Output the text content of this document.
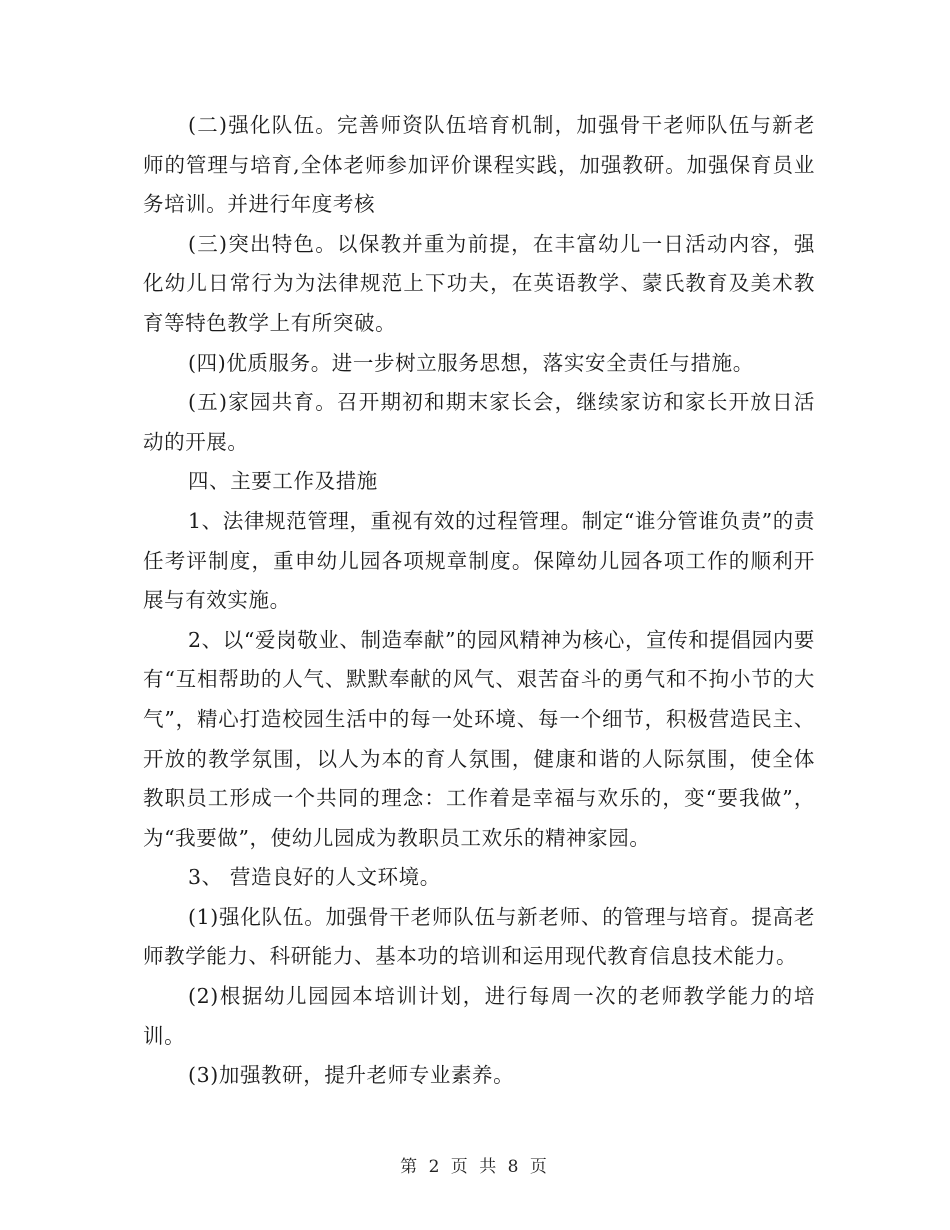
(二)强化队伍。完善师资队伍培育机制，加强骨干老师队伍与新老师的管理与培育,全体老师参加评价课程实践，加强教研。加强保育员业务培训。并进行年度考核

(三)突出特色。以保教并重为前提，在丰富幼儿一日活动内容，强化幼儿日常行为为法律规范上下功夫，在英语教学、蒙氏教育及美术教育等特色教学上有所突破。

(四)优质服务。进一步树立服务思想，落实安全责任与措施。

(五)家园共育。召开期初和期末家长会，继续家访和家长开放日活动的开展。

四、主要工作及措施

1、法律规范管理，重视有效的过程管理。制定“谁分管谁负责”的责任考评制度，重申幼儿园各项规章制度。保障幼儿园各项工作的顺利开展与有效实施。

2、以“爱岗敬业、制造奉献”的园风精神为核心，宣传和提倡园内要有“互相帮助的人气、默默奉献的风气、艰苦奋斗的勇气和不拘小节的大气”，精心打造校园生活中的每一处环境、每一个细节，积极营造民主、开放的教学氛围，以人为本的育人氛围，健康和谐的人际氛围，使全体教职员工形成一个共同的理念：工作着是幸福与欢乐的，变“要我做”，为“我要做”，使幼儿园成为教职员工欢乐的精神家园。

3、 营造良好的人文环境。

(1)强化队伍。加强骨干老师队伍与新老师、的管理与培育。提高老师教学能力、科研能力、基本功的培训和运用现代教育信息技术能力。

(2)根据幼儿园园本培训计划，进行每周一次的老师教学能力的培训。

(3)加强教研，提升老师专业素养。

第 2 页 共 8 页
